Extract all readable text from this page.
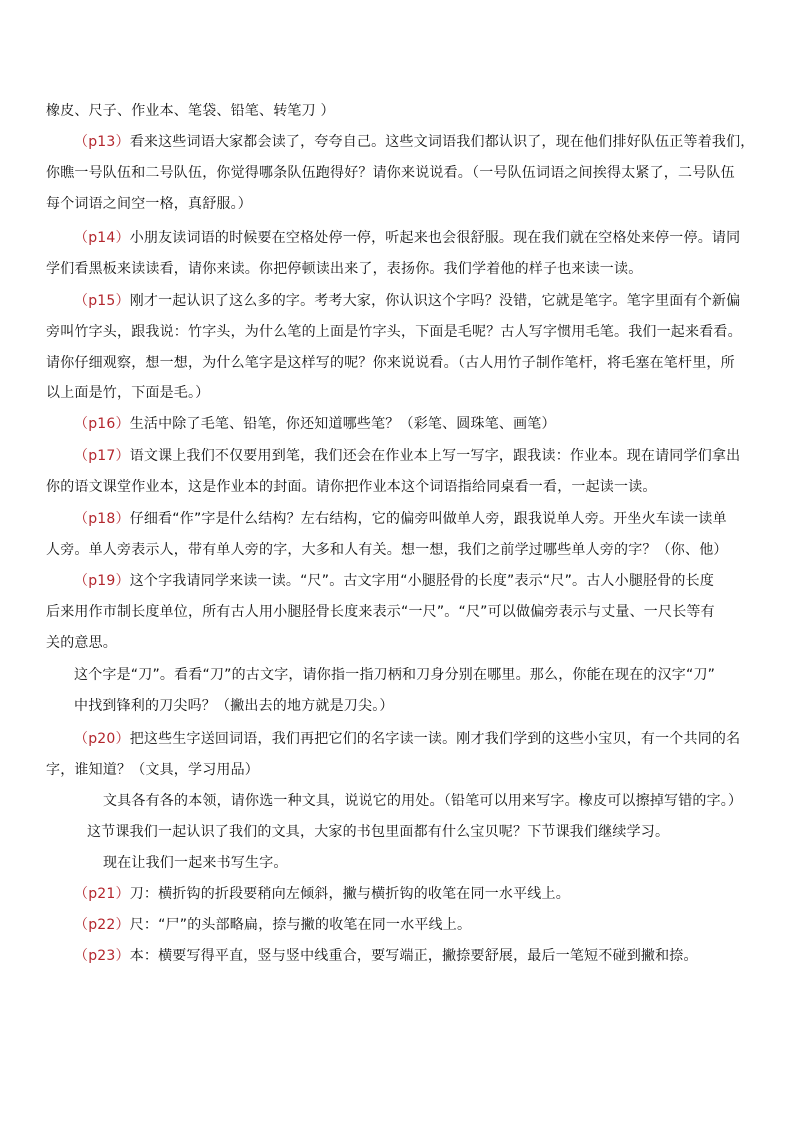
橡皮、尺子、作业本、笔袋、铅笔、转笔刀 ）
（p13）看来这些词语大家都会读了，夸夸自己。这些文词语我们都认识了，现在他们排好队伍正等着我们，
你瞧一号队伍和二号队伍，你觉得哪条队伍跑得好？请你来说说看。（一号队伍词语之间挨得太紧了，二号队伍
每个词语之间空一格，真舒服。）
（p14）小朋友读词语的时候要在空格处停一停，听起来也会很舒服。现在我们就在空格处来停一停。请同
学们看黑板来读读看，请你来读。你把停顿读出来了，表扬你。我们学着他的样子也来读一读。
（p15）刚才一起认识了这么多的字。考考大家，你认识这个字吗？没错，它就是笔字。笔字里面有个新偏
旁叫竹字头，跟我说：竹字头，为什么笔的上面是竹字头，下面是毛呢？古人写字惯用毛笔。我们一起来看看。
请你仔细观察，想一想，为什么笔字是这样写的呢？你来说说看。（古人用竹子制作笔杆，将毛塞在笔杆里，所
以上面是竹，下面是毛。）
（p16）生活中除了毛笔、铅笔，你还知道哪些笔？（彩笔、圆珠笔、画笔）
（p17）语文课上我们不仅要用到笔，我们还会在作业本上写一写字，跟我读：作业本。现在请同学们拿出
你的语文课堂作业本，这是作业本的封面。请你把作业本这个词语指给同桌看一看，一起读一读。
（p18）仔细看“作”字是什么结构？左右结构，它的偏旁叫做单人旁，跟我说单人旁。开坐火车读一读单
人旁。单人旁表示人，带有单人旁的字，大多和人有关。想一想，我们之前学过哪些单人旁的字？（你、他）
（p19）这个字我请同学来读一读。“尺”。古文字用“小腿胫骨的长度”表示“尺”。古人小腿胫骨的长度
后来用作市制长度单位，所有古人用小腿胫骨长度来表示“一尺”。“尺”可以做偏旁表示与丈量、一尺长等有
关的意思。
这个字是“刀”。看看“刀”的古文字，请你指一指刀柄和刀身分别在哪里。那么，你能在现在的汉字“刀”
中找到锋利的刀尖吗？（撇出去的地方就是刀尖。）
（p20）把这些生字送回词语，我们再把它们的名字读一读。刚才我们学到的这些小宝贝，有一个共同的名
字，谁知道？（文具，学习用品）
文具各有各的本领，请你选一种文具，说说它的用处。（铅笔可以用来写字。橡皮可以擦掉写错的字。）
这节课我们一起认识了我们的文具，大家的书包里面都有什么宝贝呢？下节课我们继续学习。
现在让我们一起来书写生字。
（p21）刀：横折钩的折段要稍向左倾斜，撇与横折钩的收笔在同一水平线上。
（p22）尺：“尸”的头部略扁，捺与撇的收笔在同一水平线上。
（p23）本：横要写得平直，竖与竖中线重合，要写端正，撇捺要舒展，最后一笔短不碰到撇和捺。
